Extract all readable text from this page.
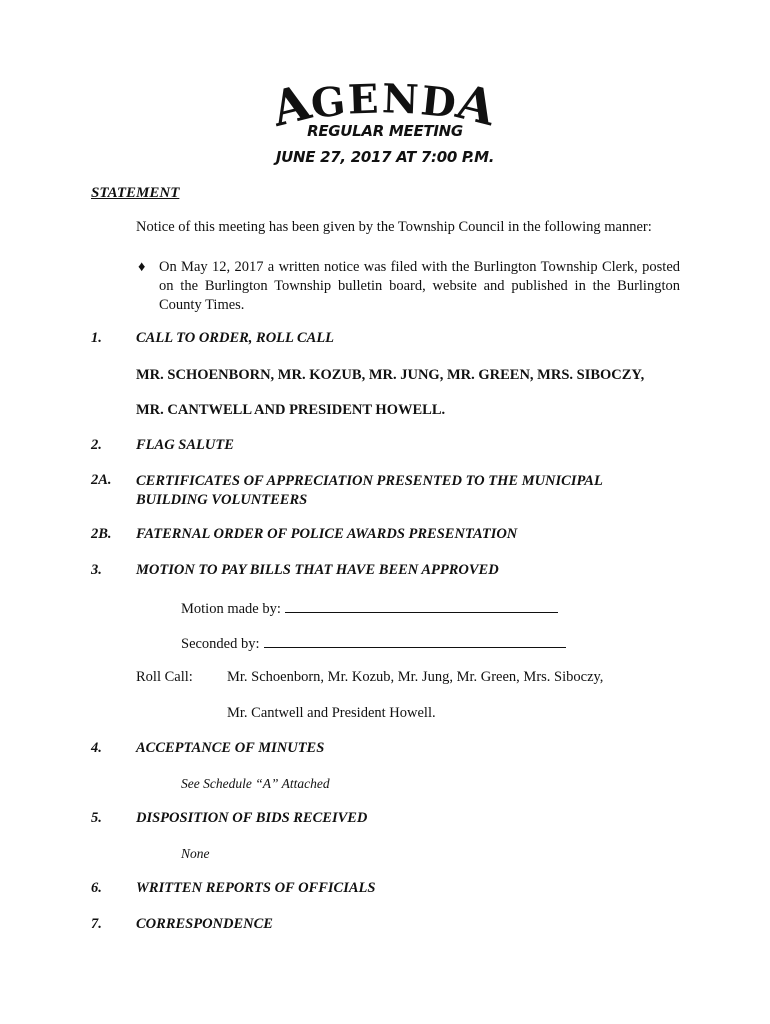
AGENDA
REGULAR MEETING
JUNE 27, 2017 AT 7:00 P.M.
STATEMENT
Notice of this meeting has been given by the Township Council in the following manner:
♦ On May 12, 2017 a written notice was filed with the Burlington Township Clerk, posted on the Burlington Township bulletin board, website and published in the Burlington County Times.
1. CALL TO ORDER, ROLL CALL
MR. SCHOENBORN, MR. KOZUB, MR. JUNG, MR. GREEN, MRS. SIBOCZY,
MR. CANTWELL AND PRESIDENT HOWELL.
2. FLAG SALUTE
2A. CERTIFICATES OF APPRECIATION PRESENTED TO THE MUNICIPAL BUILDING VOLUNTEERS
2B. FATERNAL ORDER OF POLICE AWARDS PRESENTATION
3. MOTION TO PAY BILLS THAT HAVE BEEN APPROVED
Motion made by:
Seconded by:
Roll Call: Mr. Schoenborn, Mr. Kozub, Mr. Jung, Mr. Green, Mrs. Siboczy,
Mr. Cantwell and President Howell.
4. ACCEPTANCE OF MINUTES
See Schedule “A” Attached
5. DISPOSITION OF BIDS RECEIVED
None
6. WRITTEN REPORTS OF OFFICIALS
7. CORRESPONDENCE
